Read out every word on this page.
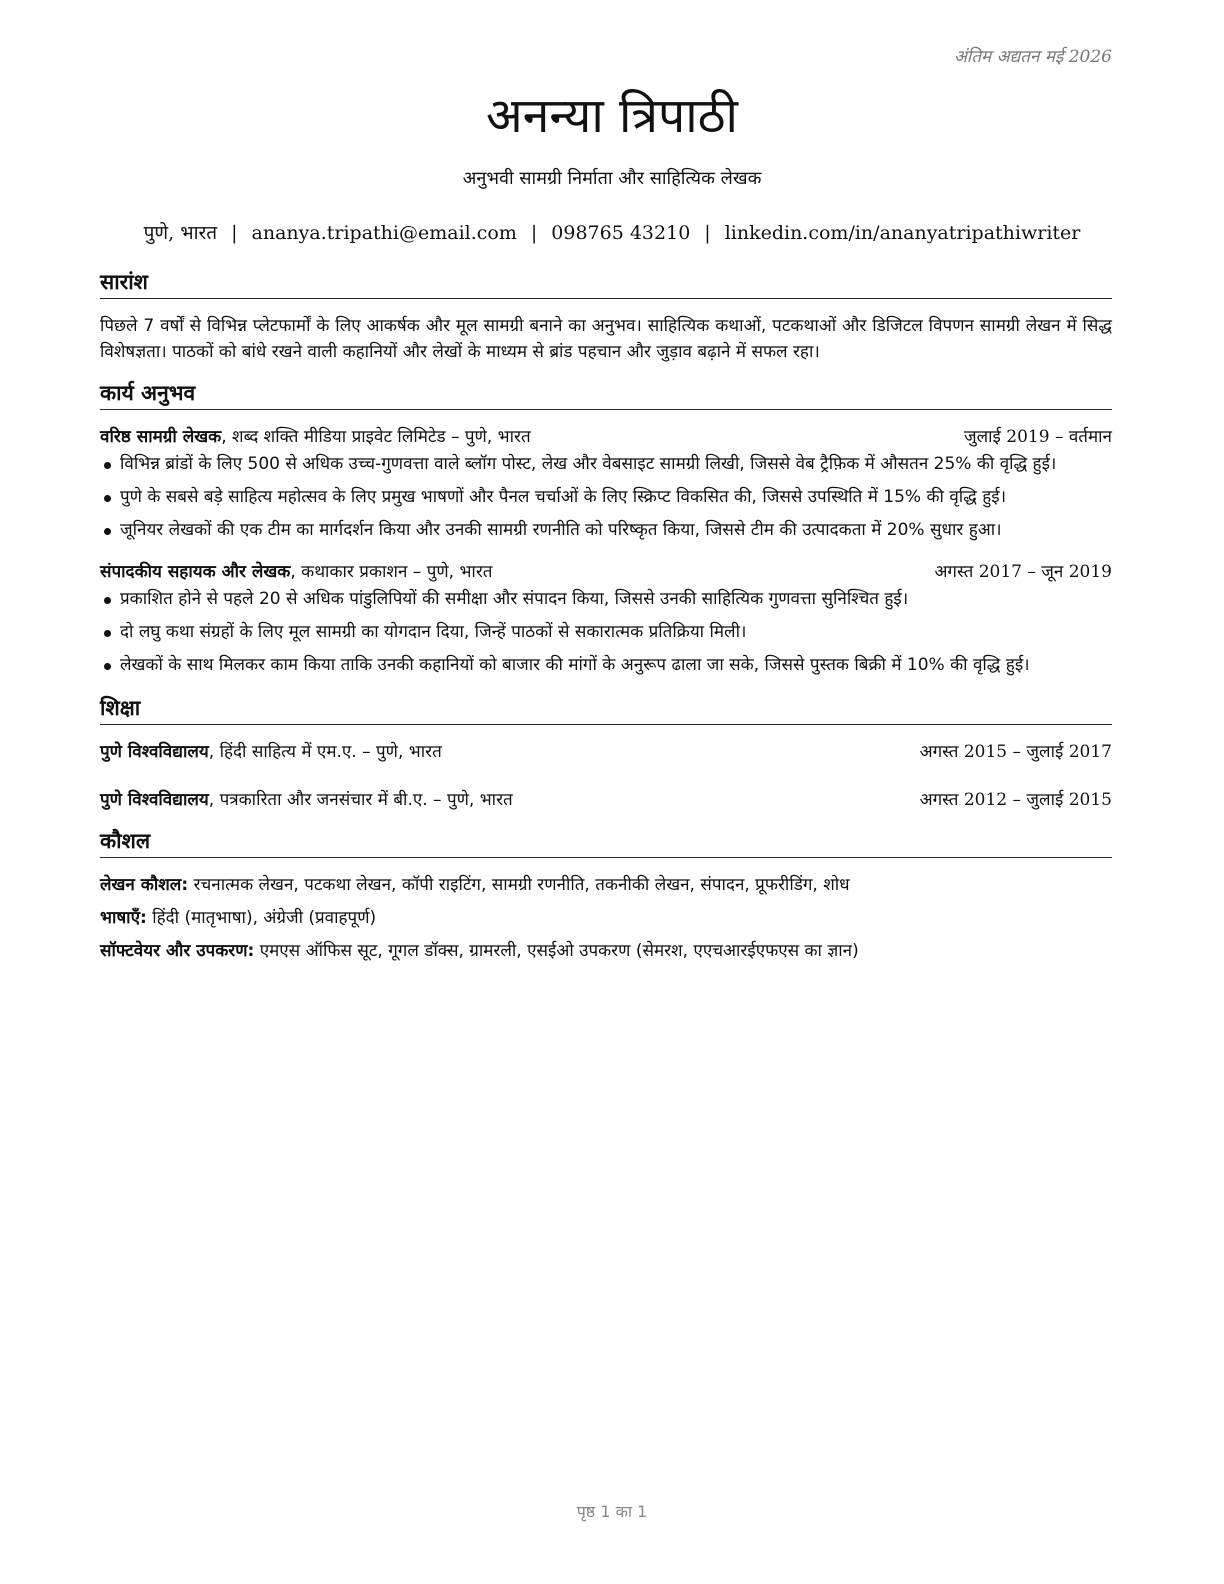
अंतिम अद्यतन मई 2026
अनन्या त्रिपाठी
अनुभवी सामग्री निर्माता और साहित्यिक लेखक
पुणे, भारत | ananya.tripathi@email.com | 098765 43210 | linkedin.com/in/ananyatripathiwriter
सारांश

पिछले 7 वर्षों से विभिन्न प्लेटफार्मों के लिए आकर्षक और मूल सामग्री बनाने का अनुभव। साहित्यिक कथाओं, पटकथाओं और डिजिटल विपणन सामग्री लेखन में सिद्ध विशेषज्ञता। पाठकों को बांधे रखने वाली कहानियों और लेखों के माध्यम से ब्रांड पहचान और जुड़ाव बढ़ाने में सफल रहा।

कार्य अनुभव
वरिष्ठ सामग्री लेखक, शब्द शक्ति मीडिया प्राइवेट लिमिटेड – पुणे, भारत	जुलाई 2019 – वर्तमान
विभिन्न ब्रांडों के लिए 500 से अधिक उच्च-गुणवत्ता वाले ब्लॉग पोस्ट, लेख और वेबसाइट सामग्री लिखी, जिससे वेब ट्रैफ़िक में औसतन 25% की वृद्धि हुई।
पुणे के सबसे बड़े साहित्य महोत्सव के लिए प्रमुख भाषणों और पैनल चर्चाओं के लिए स्क्रिप्ट विकसित की, जिससे उपस्थिति में 15% की वृद्धि हुई।
जूनियर लेखकों की एक टीम का मार्गदर्शन किया और उनकी सामग्री रणनीति को परिष्कृत किया, जिससे टीम की उत्पादकता में 20% सुधार हुआ।
संपादकीय सहायक और लेखक, कथाकार प्रकाशन – पुणे, भारत	अगस्त 2017 – जून 2019
प्रकाशित होने से पहले 20 से अधिक पांडुलिपियों की समीक्षा और संपादन किया, जिससे उनकी साहित्यिक गुणवत्ता सुनिश्चित हुई।
दो लघु कथा संग्रहों के लिए मूल सामग्री का योगदान दिया, जिन्हें पाठकों से सकारात्मक प्रतिक्रिया मिली।
लेखकों के साथ मिलकर काम किया ताकि उनकी कहानियों को बाजार की मांगों के अनुरूप ढाला जा सके, जिससे पुस्तक बिक्री में 10% की वृद्धि हुई।
शिक्षा
पुणे विश्वविद्यालय, हिंदी साहित्य में एम.ए. – पुणे, भारत	अगस्त 2015 – जुलाई 2017
पुणे विश्वविद्यालय, पत्रकारिता और जनसंचार में बी.ए. – पुणे, भारत	अगस्त 2012 – जुलाई 2015
कौशल
लेखन कौशल: रचनात्मक लेखन, पटकथा लेखन, कॉपी राइटिंग, सामग्री रणनीति, तकनीकी लेखन, संपादन, प्रूफरीडिंग, शोध
भाषाएँ: हिंदी (मातृभाषा), अंग्रेजी (प्रवाहपूर्ण)
सॉफ्टवेयर और उपकरण: एमएस ऑफिस सूट, गूगल डॉक्स, ग्रामरली, एसईओ उपकरण (सेमरश, एएचआरईएफएस का ज्ञान)
पृष्ठ 1 का 1
